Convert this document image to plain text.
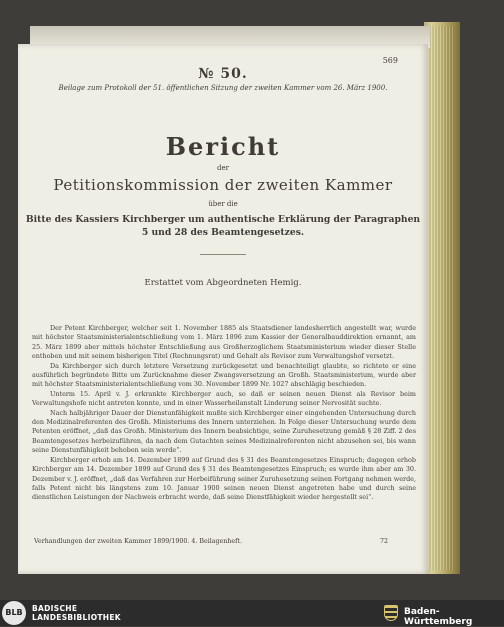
569
№ 50.
Beilage zum Protokoll der 51. öffentlichen Sitzung der zweiten Kammer vom 26. März 1900.
Bericht
der
Petitionskommission der zweiten Kammer
über die
Bitte des Kassiers Kirchberger um authentische Erklärung der Paragraphen
5 und 28 des Beamtengesetzes.
Erstattet vom Abgeordneten Hemig.

Der Petent Kirchberger, welcher seit 1. November 1885 als Staatsdiener landesherrlich angestellt war, wurde mit höchster Staatsministerialentschließung vom 1. März 1896 zum Kassier der Generalbauddirektion ernannt, am 25. März 1899 aber mittels höchster Entschließung aus Großherzoglichem Staatsministerium wieder dieser Stelle enthoben und mit seinem bisherigen Titel (Rechnungsrat) und Gehalt als Revisor zum Verwaltungshof versetzt.

Da Kirchberger sich durch letztere Versetzung zurückgesetzt und benachteiligt glaubte, so richtete er eine ausführlich begründete Bitte um Zurücknahme dieser Zwangsversetzung an Großh. Staatsministerium, wurde aber mit höchster Staatsministerialentschließung vom 30. November 1899 Nr. 1027 abschlägig beschieden.

Unterm 15. April v. J. erkrankte Kirchberger auch, so daß er seinen neuen Dienst als Revisor beim Verwaltungshofe nicht antreten konnte, und in einer Wasserheilanstalt Linderung seiner Nervosität suchte.

Nach halbjähriger Dauer der Dienstunfähigkeit mußte sich Kirchberger einer eingehenden Untersuchung durch den Medizinalreferenten des Großh. Ministeriums des Innern unterziehen. In Folge dieser Untersuchung wurde dem Petenten eröffnet, „daß das Großh. Ministerium des Innern beabsichtige, seine Zuruhesetzung gemäß § 28 Ziff. 2 des Beamtengesetzes herbeizuführen, da nach dem Gutachten seines Medizinalreferenten nicht abzusehen sei, bis wann seine Dienstunfähigkeit behoben sein werde“.

Kirchberger erhob am 14. Dezember 1899 auf Grund des § 31 des Beamtengesetzes Einspruch; dagegen erhob Kirchberger am 14. Dezember 1899 auf Grund des § 31 des Beamtengesetzes Einspruch; es wurde ihm aber am 30. Dezember v. J. eröffnet, „daß das Verfahren zur Herbeiführung seiner Zuruhesetzung seinen Fortgang nehmen werde, falls Petent nicht bis längstens zum 10. Januar 1900 seinen neuen Dienst angetreten habe und durch seine dienstlichen Leistungen der Nachweis erbracht werde, daß seine Dienstfähigkeit wieder hergestellt sei“.

Verhandlungen der zweiten Kammer 1899/1900. 4. Beilagenheft.	72
BLB	BADISCHE
LANDESBIBLIOTHEK
Baden-Württemberg
